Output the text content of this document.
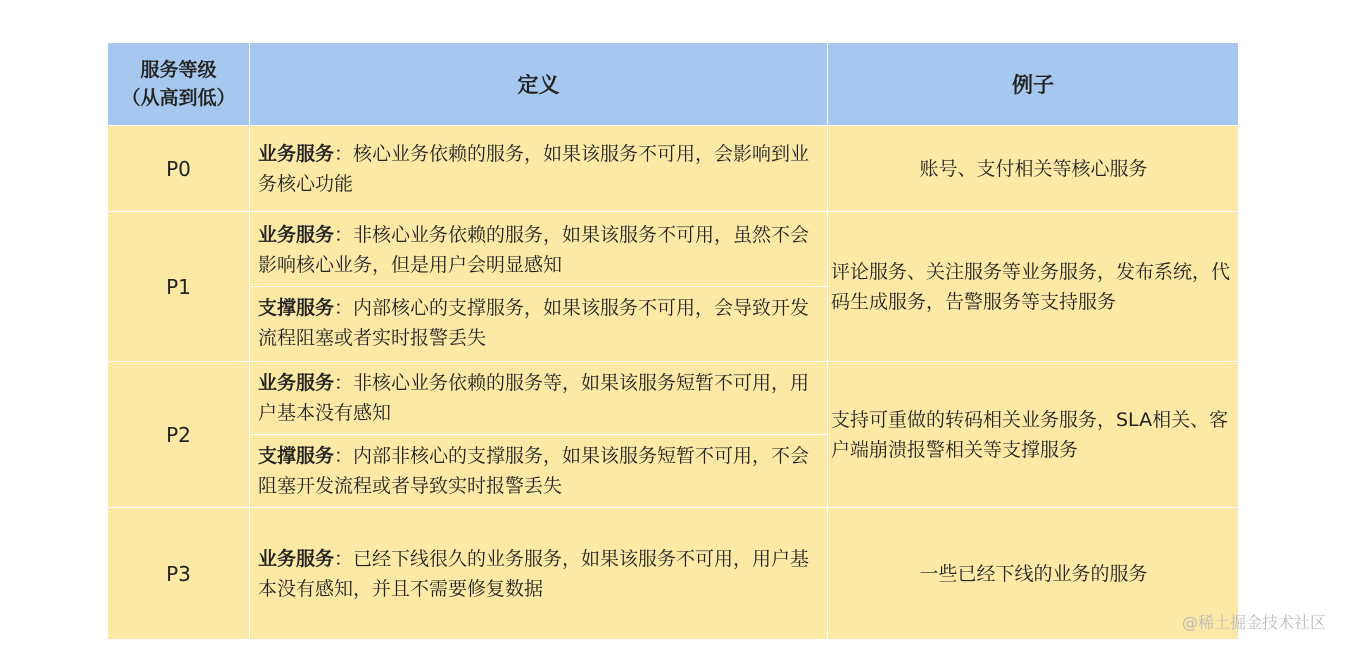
服务等级
（从高到低）	定义	例子
P0	业务服务：核心业务依赖的服务，如果该服务不可用，会影响到业务核心功能	账号、支付相关等核心服务

P1	业务服务：非核心业务依赖的服务，如果该服务不可用，虽然不会影响核心业务，但是用户会明显感知
支撑服务：内部核心的支撑服务，如果该服务不可用，会导致开发流程阻塞或者实时报警丢失	评论服务、关注服务等业务服务，发布系统，代码生成服务，告警服务等支持服务

P2	业务服务：非核心业务依赖的服务等，如果该服务短暂不可用，用户基本没有感知
支撑服务：内部非核心的支撑服务，如果该服务短暂不可用，不会阻塞开发流程或者导致实时报警丢失	支持可重做的转码相关业务服务，SLA相关、客户端崩溃报警相关等支撑服务

P3	业务服务：已经下线很久的业务服务，如果该服务不可用，用户基本没有感知，并且不需要修复数据	一些已经下线的业务的服务
@稀土掘金技术社区
